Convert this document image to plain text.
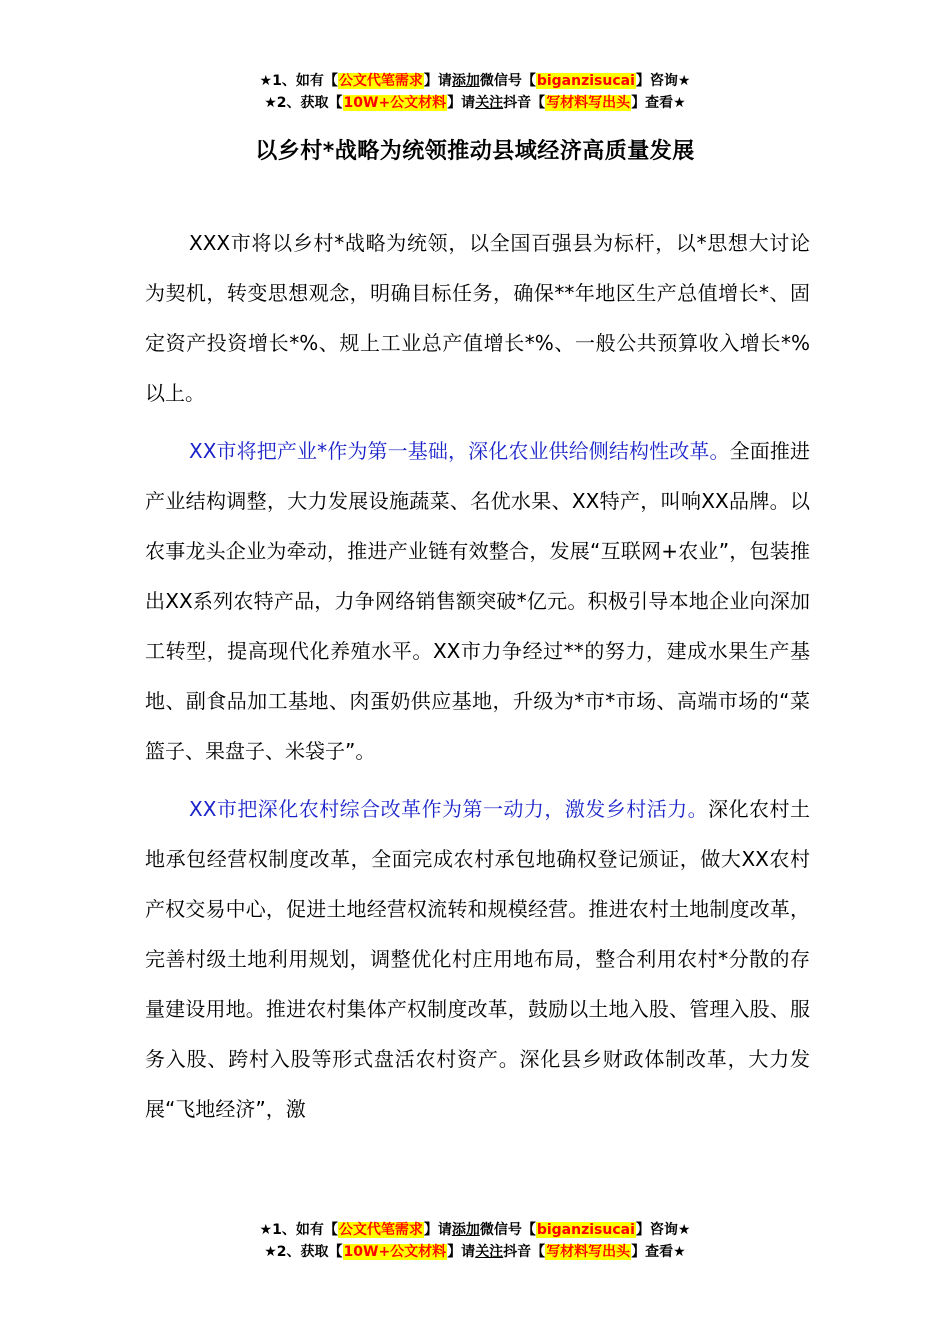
★1、如有【公文代笔需求】请添加微信号【biganzisucai】咨询★
★2、获取【10W+公文材料】请关注抖音【写材料写出头】查看★
以乡村*战略为统领推动县域经济高质量发展

XXX市将以乡村*战略为统领，以全国百强县为标杆，以*思想大讨论为契机，转变思想观念，明确目标任务，确保**年地区生产总值增长*、固定资产投资增长*%、规上工业总产值增长*%、一般公共预算收入增长*%以上。

XX市将把产业*作为第一基础，深化农业供给侧结构性改革。全面推进产业结构调整，大力发展设施蔬菜、名优水果、XX特产，叫响XX品牌。以农事龙头企业为牵动，推进产业链有效整合，发展“互联网+农业”，包装推出XX系列农特产品，力争网络销售额突破*亿元。积极引导本地企业向深加工转型，提高现代化养殖水平。XX市力争经过**的努力，建成水果生产基地、副食品加工基地、肉蛋奶供应基地，升级为*市*市场、高端市场的“菜篮子、果盘子、米袋子”。

XX市把深化农村综合改革作为第一动力，激发乡村活力。深化农村土地承包经营权制度改革，全面完成农村承包地确权登记颁证，做大XX农村产权交易中心，促进土地经营权流转和规模经营。推进农村土地制度改革，完善村级土地利用规划，调整优化村庄用地布局，整合利用农村*分散的存量建设用地。推进农村集体产权制度改革，鼓励以土地入股、管理入股、服务入股、跨村入股等形式盘活农村资产。深化县乡财政体制改革，大力发展“飞地经济”，激

★1、如有【公文代笔需求】请添加微信号【biganzisucai】咨询★
★2、获取【10W+公文材料】请关注抖音【写材料写出头】查看★
